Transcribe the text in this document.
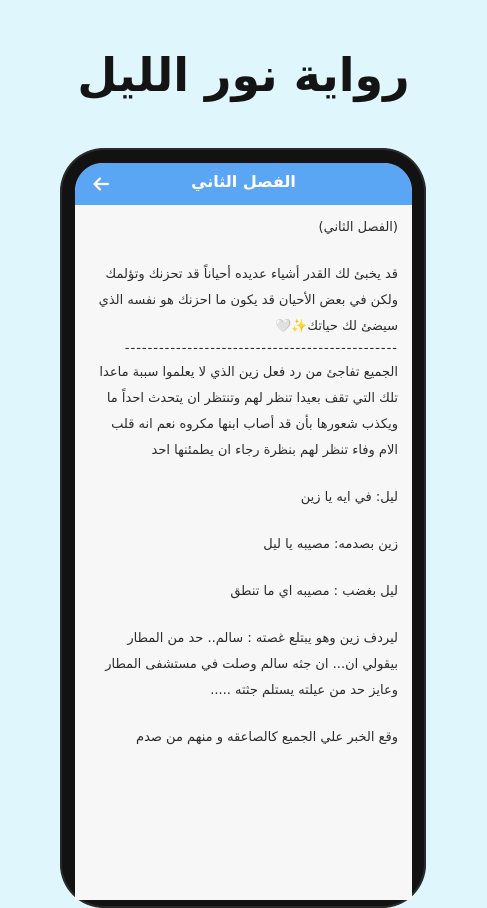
رواية نور الليل
الفصل الثاني

(الفصل الثاني)

قد يخبئ لك القدر أشياء عديده أحياناً قد تحزنك وتؤلمك ولكن في بعض الأحيان قد يكون ما احزنك هو نفسه الذي سيضئ لك حياتك✨🤍

------------------------------------------------

الجميع تفاجئ من رد فعل زين الذي لا يعلموا سببة ماعدا تلك التي تقف بعيدا تنظر لهم وتنتظر ان يتحدث احداً ما ويكذب شعورها بأن قد أصاب ابنها مكروه نعم انه قلب الام وفاء تنظر لهم بنظرة رجاء ان يطمئنها احد

ليل: في ايه يا زين

زين بصدمه: مصيبه يا ليل

ليل بغضب : مصيبه اي ما تنطق

ليردف زين وهو يبتلع غصته : سالم.. حد من المطار بيقولي ان... ان جثه سالم وصلت في مستشفى المطار وعايز حد من عيلته يستلم جثته .....

وقع الخبر علي الجميع كالصاعقه و منهم من صدم
